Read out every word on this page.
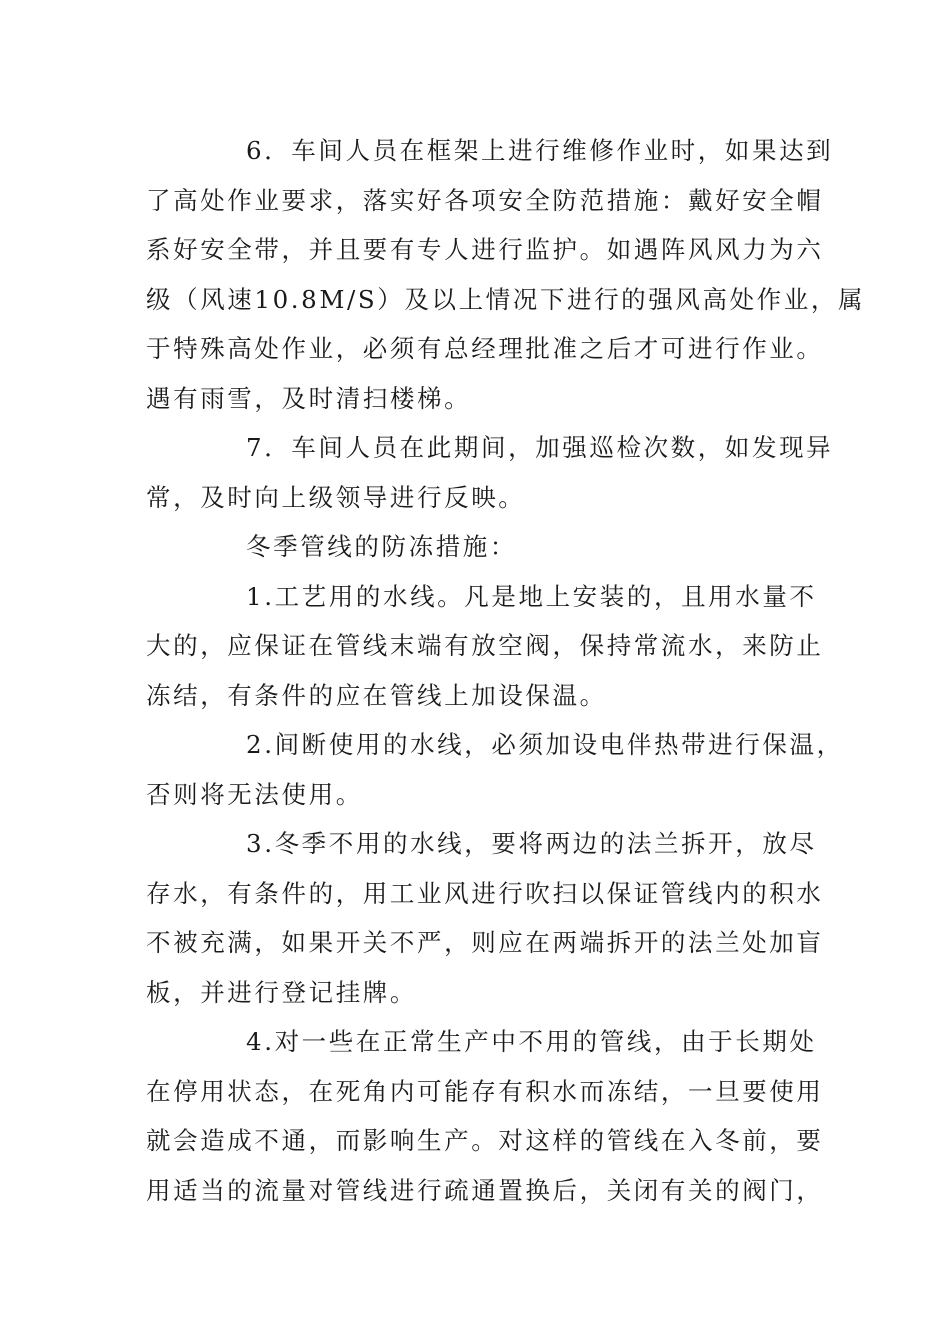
6．车间人员在框架上进行维修作业时，如果达到
了高处作业要求，落实好各项安全防范措施：戴好安全帽
系好安全带，并且要有专人进行监护。如遇阵风风力为六
级（风速10.8M/S）及以上情况下进行的强风高处作业，属
于特殊高处作业，必须有总经理批准之后才可进行作业。
遇有雨雪，及时清扫楼梯。
7．车间人员在此期间，加强巡检次数，如发现异
常，及时向上级领导进行反映。
冬季管线的防冻措施：
1.工艺用的水线。凡是地上安装的，且用水量不
大的，应保证在管线末端有放空阀，保持常流水，来防止
冻结，有条件的应在管线上加设保温。
2.间断使用的水线，必须加设电伴热带进行保温，
否则将无法使用。
3.冬季不用的水线，要将两边的法兰拆开，放尽
存水，有条件的，用工业风进行吹扫以保证管线内的积水
不被充满，如果开关不严，则应在两端拆开的法兰处加盲
板，并进行登记挂牌。
4.对一些在正常生产中不用的管线，由于长期处
在停用状态，在死角内可能存有积水而冻结，一旦要使用
就会造成不通，而影响生产。对这样的管线在入冬前，要
用适当的流量对管线进行疏通置换后，关闭有关的阀门，
